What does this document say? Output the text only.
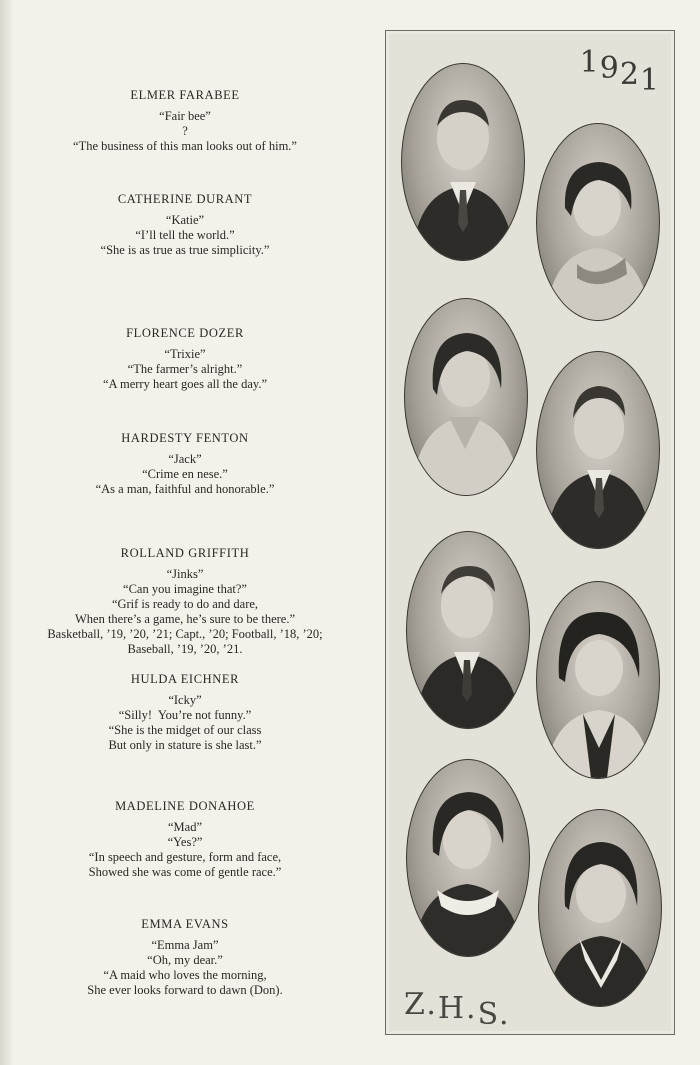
ELMER FARABEE
“Fair bee”
?
“The business of this man looks out of him.”
CATHERINE DURANT
“Katie”
“I’ll tell the world.”
“She is as true as true simplicity.”
FLORENCE DOZER
“Trixie”
“The farmer’s alright.”
“A merry heart goes all the day.”
HARDESTY FENTON
“Jack”
“Crime en nese.”
“As a man, faithful and honorable.”
ROLLAND GRIFFITH
“Jinks”
“Can you imagine that?”
“Grif is ready to do and dare,
When there’s a game, he’s sure to be there.”
Basketball, ’19, ’20, ’21; Capt., ’20; Football, ’18, ’20;
Baseball, ’19, ’20, ’21.
HULDA EICHNER
“Icky”
“Silly!  You’re not funny.”
“She is the midget of our class
But only in stature is she last.”
MADELINE DONAHOE
“Mad”
“Yes?”
“In speech and gesture, form and face,
Showed she was come of gentle race.”
EMMA EVANS
“Emma Jam”
“Oh, my dear.”
“A maid who loves the morning,
She ever looks forward to dawn (Don).
1921
Z.H.S.
